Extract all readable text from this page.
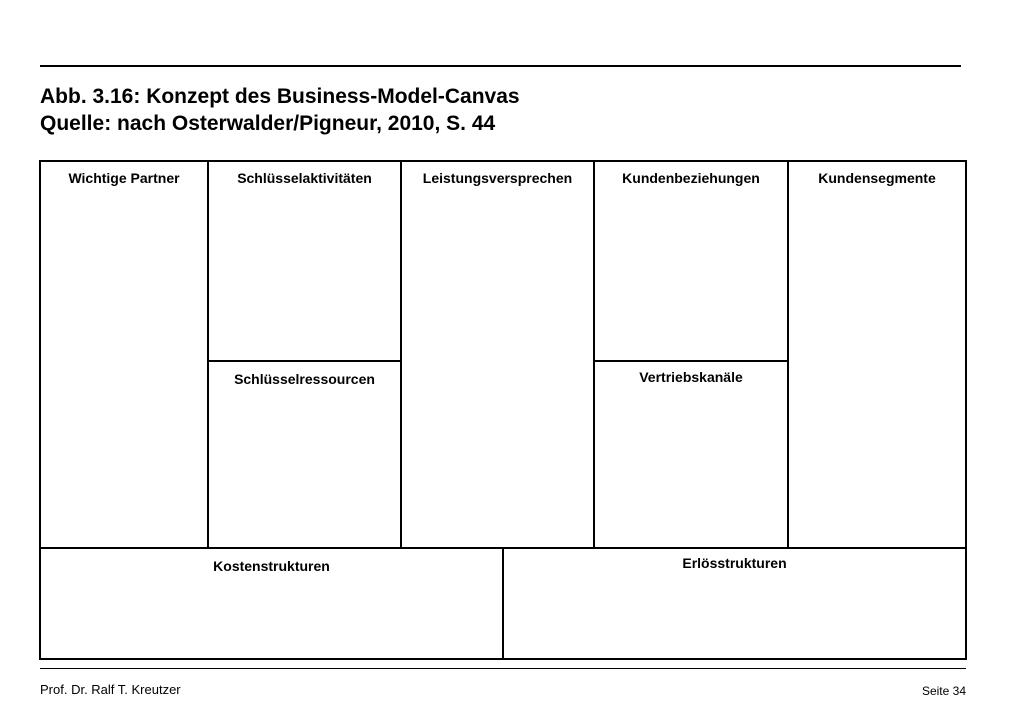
Abb. 3.16: Konzept des Business-Model-Canvas
Quelle: nach Osterwalder/Pigneur, 2010, S. 44
Wichtige Partner	Schlüsselaktivitäten
Schlüsselressourcen
Leistungsversprechen	Kundenbeziehungen
Vertriebskanäle
Kundensegmente
Kostenstrukturen	Erlösstrukturen
Prof. Dr. Ralf T. Kreutzer	Seite 34
